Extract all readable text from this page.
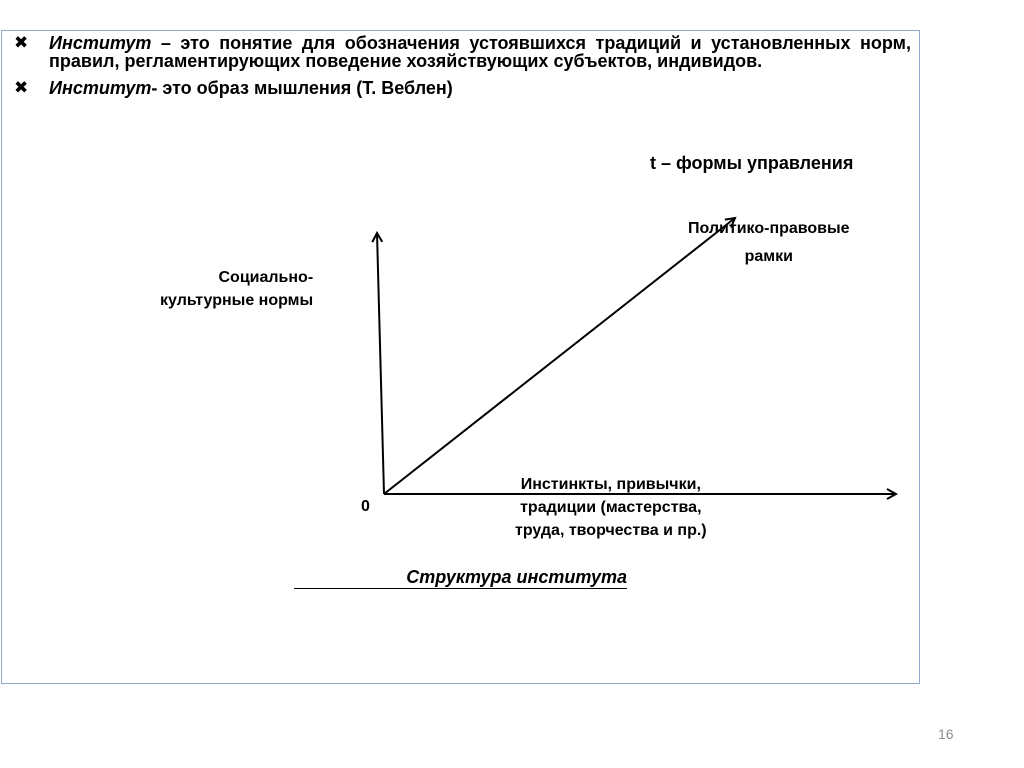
✖ Институт – это понятие для обозначения устоявшихся традиций и установленных норм, правил, регламентирующих поведение хозяйствующих субъектов, индивидов.
✖ Институт- это образ мышления (Т. Веблен)
t – формы управления
Политико-правовые
рамки
Социально-
культурные нормы
0
Инстинкты, привычки,
традиции (мастерства,
труда, творчества и пр.)
Структура института
16
